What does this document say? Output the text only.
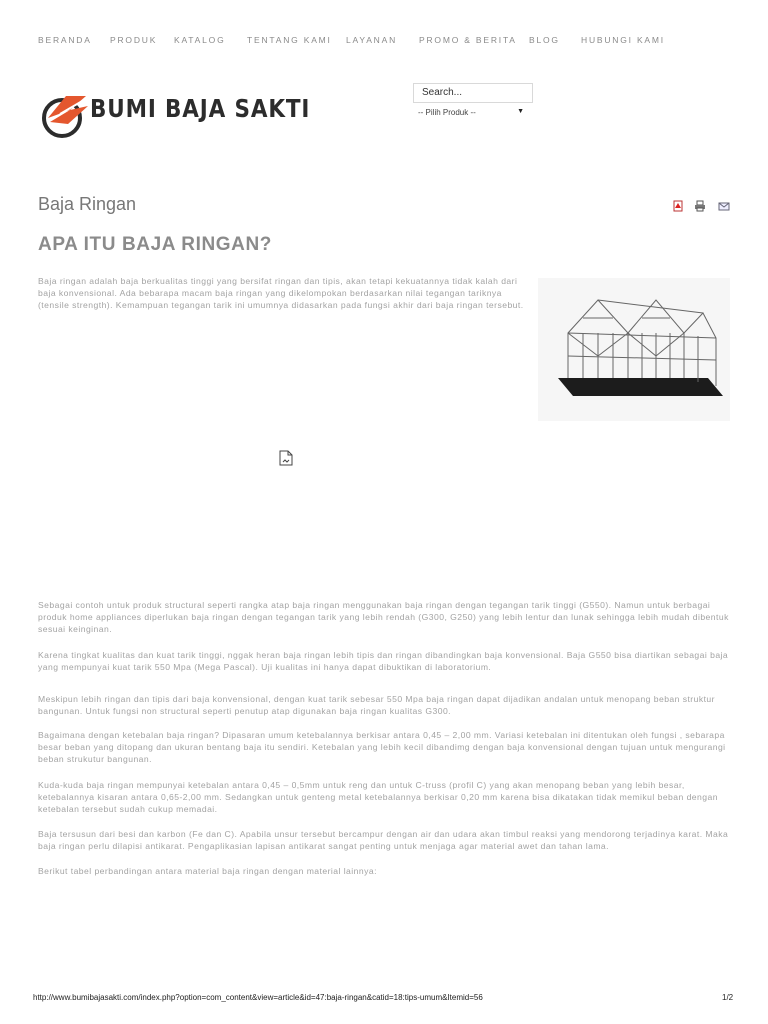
BERANDA PRODUK KATALOG	TENTANG KAMI LAYANAN	PROMO & BERITA BLOG HUBUNGI KAMI
BUMI BAJA SAKTI
Search...
-- Pilih Produk --	▼
Baja Ringan
APA ITU BAJA RINGAN?

Baja ringan adalah baja berkualitas tinggi yang bersifat ringan dan tipis, akan tetapi kekuatannya tidak kalah dari baja konvensional. Ada bebarapa macam baja ringan yang dikelompokan berdasarkan nilai tegangan tariknya (tensile strength). Kemampuan tegangan tarik ini umumnya didasarkan pada fungsi akhir dari baja ringan tersebut.

Sebagai contoh untuk produk structural seperti rangka atap baja ringan menggunakan baja ringan dengan tegangan tarik tinggi (G550). Namun untuk berbagai produk home appliances diperlukan baja ringan dengan tegangan tarik yang lebih rendah (G300, G250) yang lebih lentur dan lunak sehingga lebih mudah dibentuk sesuai keinginan.

Karena tingkat kualitas dan kuat tarik tinggi, nggak heran baja ringan lebih tipis dan ringan dibandingkan baja konvensional. Baja G550 bisa diartikan sebagai baja yang mempunyai kuat tarik 550 Mpa (Mega Pascal). Uji kualitas ini hanya dapat dibuktikan di laboratorium.

Meskipun lebih ringan dan tipis dari baja konvensional, dengan kuat tarik sebesar 550 Mpa baja ringan dapat dijadikan andalan untuk menopang beban struktur bangunan. Untuk fungsi non structural seperti penutup atap digunakan baja ringan kualitas G300.

Bagaimana dengan ketebalan baja ringan? Dipasaran umum ketebalannya berkisar antara 0,45 – 2,00 mm. Variasi ketebalan ini ditentukan oleh fungsi , sebarapa besar beban yang ditopang dan ukuran bentang baja itu sendiri. Ketebalan yang lebih kecil dibandimg dengan baja konvensional dengan tujuan untuk mengurangi beban strukutur bangunan.

Kuda-kuda baja ringan mempunyai ketebalan antara 0,45 – 0,5mm untuk reng dan untuk C-truss (profil C) yang akan menopang beban yang lebih besar, ketebalannya kisaran antara 0,65-2,00 mm. Sedangkan untuk genteng metal ketebalannya berkisar 0,20 mm karena bisa dikatakan tidak memikul beban dengan ketebalan tersebut sudah cukup memadai.

Baja tersusun dari besi dan karbon (Fe dan C). Apabila unsur tersebut bercampur dengan air dan udara akan timbul reaksi yang mendorong terjadinya karat. Maka baja ringan perlu dilapisi antikarat. Pengaplikasian lapisan antikarat sangat penting untuk menjaga agar material awet dan tahan lama.

Berikut tabel perbandingan antara material baja ringan dengan material lainnya:

http://www.bumibajasakti.com/index.php?option=com_content&view=article&id=47:baja-ringan&catid=18:tips-umum&Itemid=56	1/2
